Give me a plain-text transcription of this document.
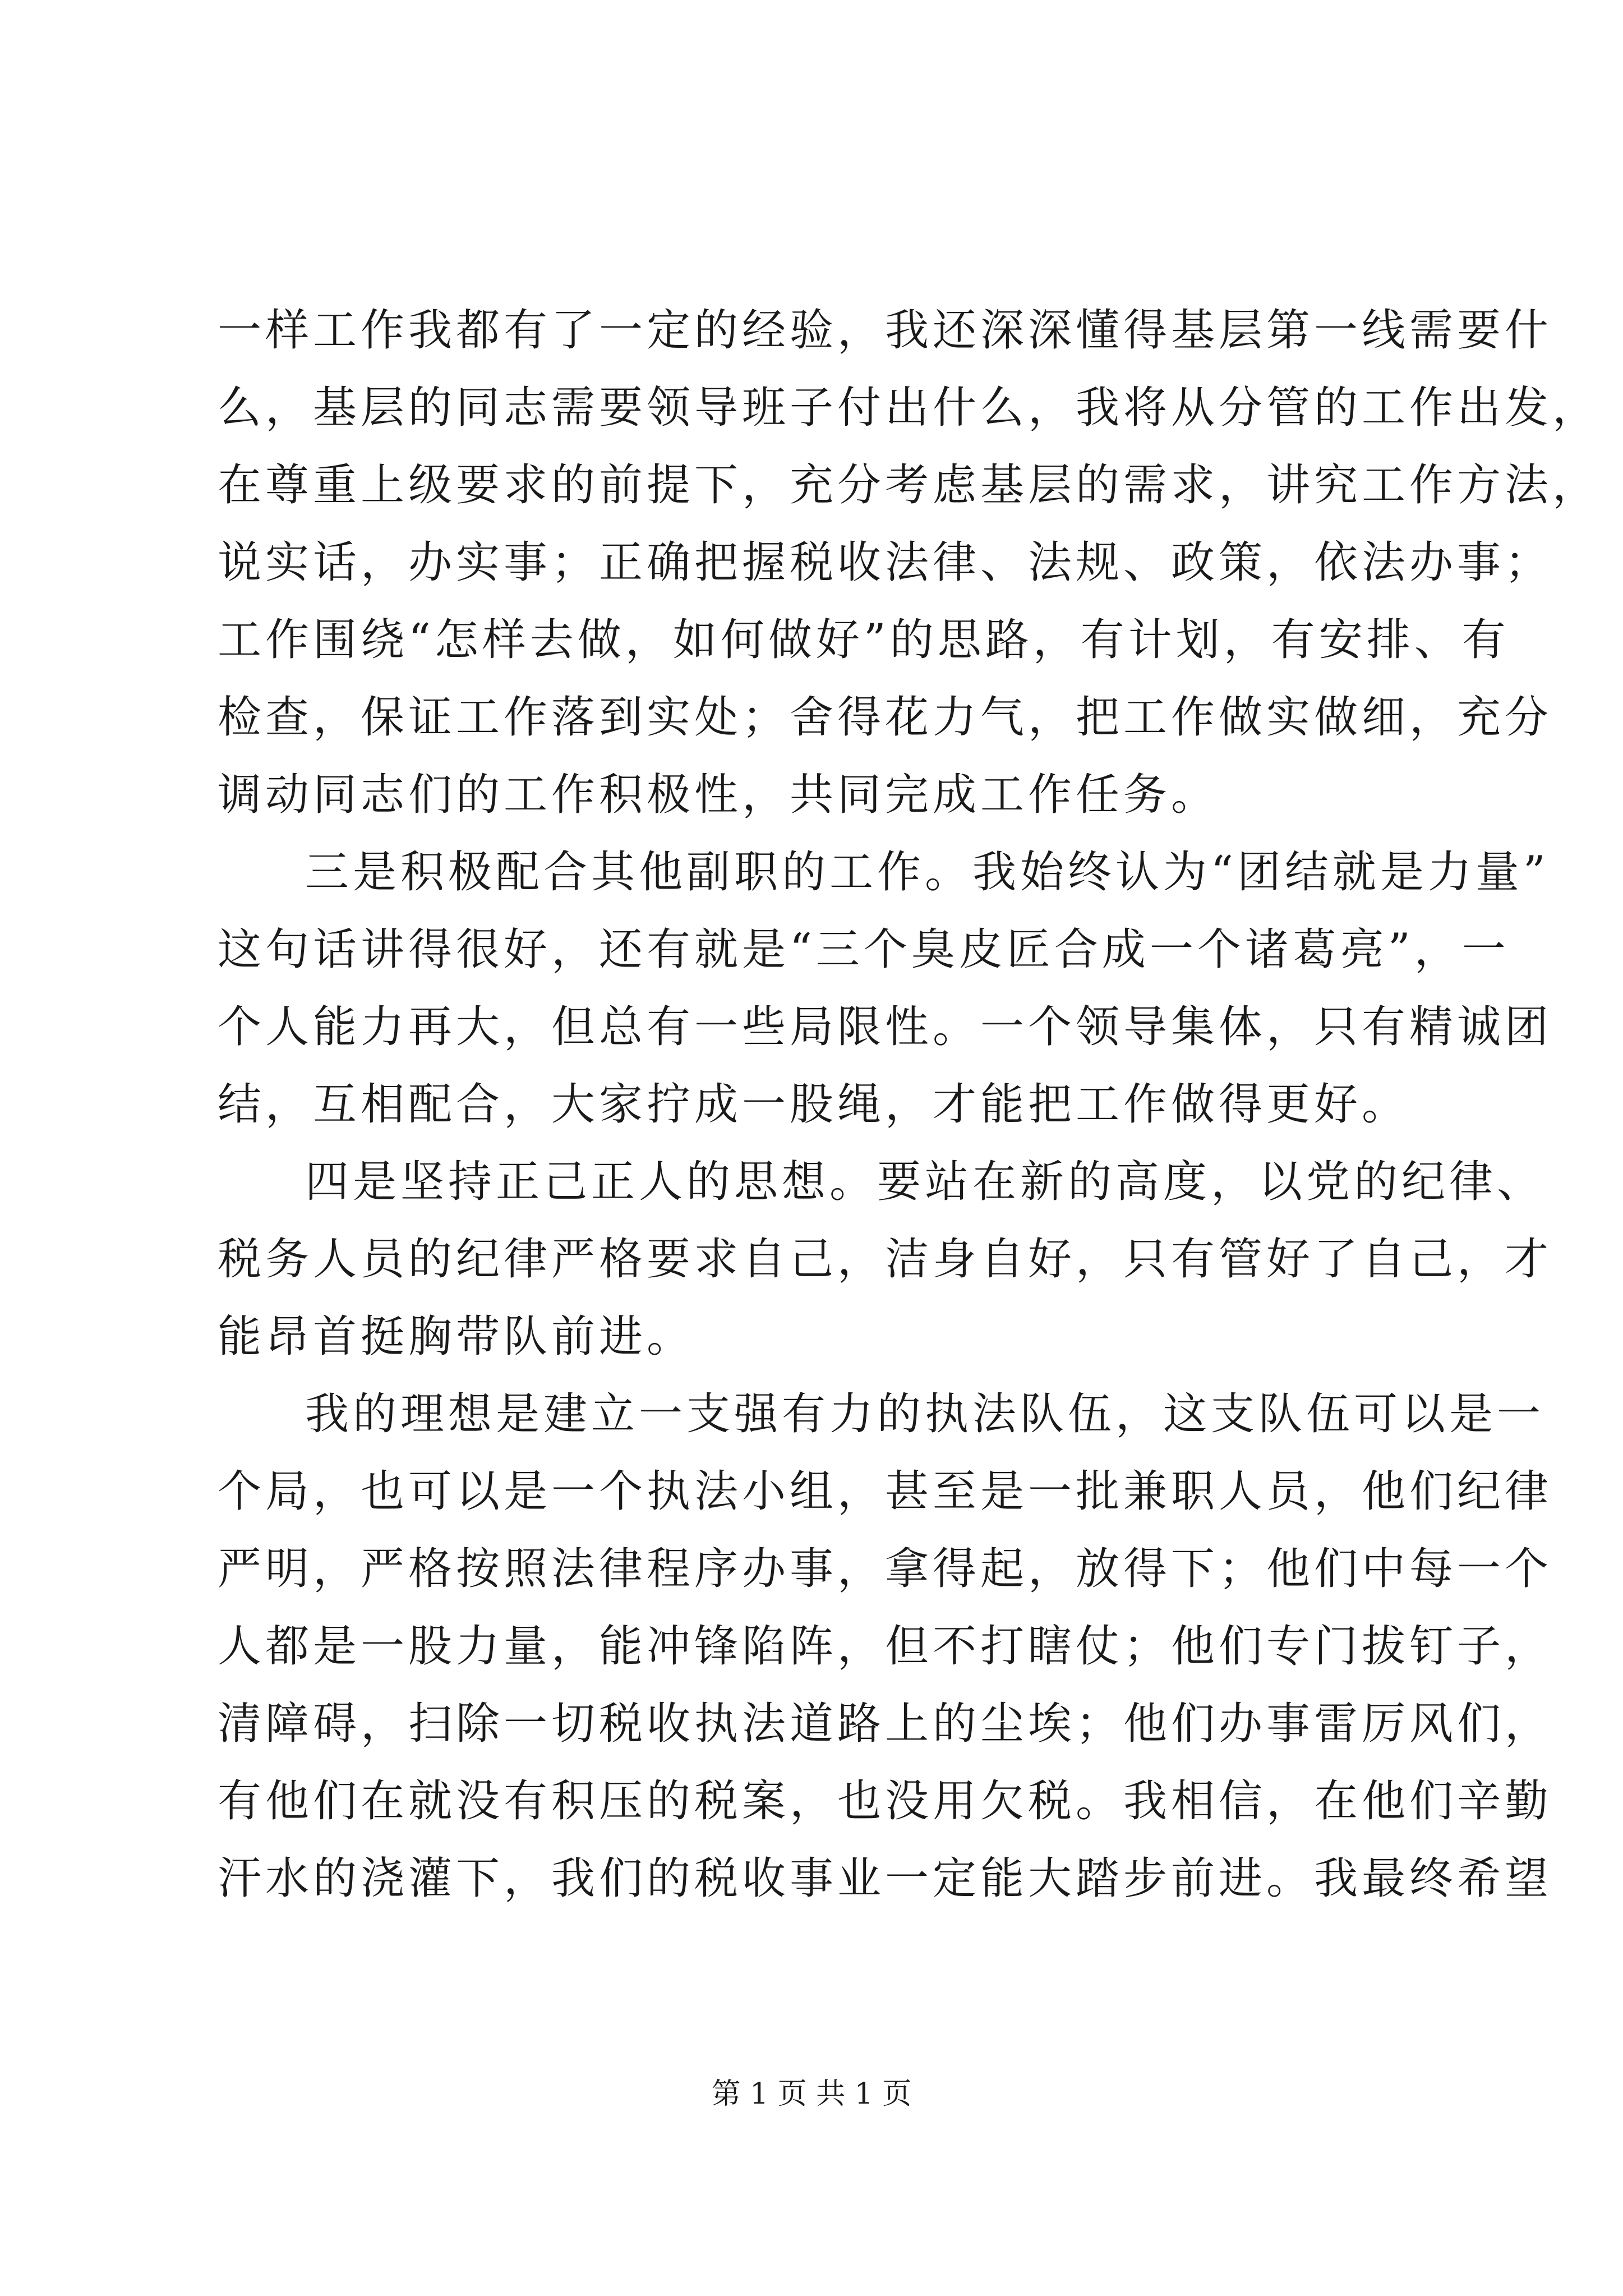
一样工作我都有了一定的经验，我还深深懂得基层第一线需要什
么，基层的同志需要领导班子付出什么，我将从分管的工作出发，
在尊重上级要求的前提下，充分考虑基层的需求，讲究工作方法，
说实话，办实事；正确把握税收法律、法规、政策，依法办事；
工作围绕“怎样去做，如何做好”的思路，有计划，有安排、有
检查，保证工作落到实处；舍得花力气，把工作做实做细，充分
调动同志们的工作积极性，共同完成工作任务。
三是积极配合其他副职的工作。我始终认为“团结就是力量”
这句话讲得很好，还有就是“三个臭皮匠合成一个诸葛亮”，一
个人能力再大，但总有一些局限性。一个领导集体，只有精诚团
结，互相配合，大家拧成一股绳，才能把工作做得更好。
四是坚持正己正人的思想。要站在新的高度，以党的纪律、
税务人员的纪律严格要求自己，洁身自好，只有管好了自己，才
能昂首挺胸带队前进。
我的理想是建立一支强有力的执法队伍，这支队伍可以是一
个局，也可以是一个执法小组，甚至是一批兼职人员，他们纪律
严明，严格按照法律程序办事，拿得起，放得下；他们中每一个
人都是一股力量，能冲锋陷阵，但不打瞎仗；他们专门拔钉子，
清障碍，扫除一切税收执法道路上的尘埃；他们办事雷厉风们，
有他们在就没有积压的税案，也没用欠税。我相信，在他们辛勤
汗水的浇灌下，我们的税收事业一定能大踏步前进。我最终希望
第 1 页 共 1 页
